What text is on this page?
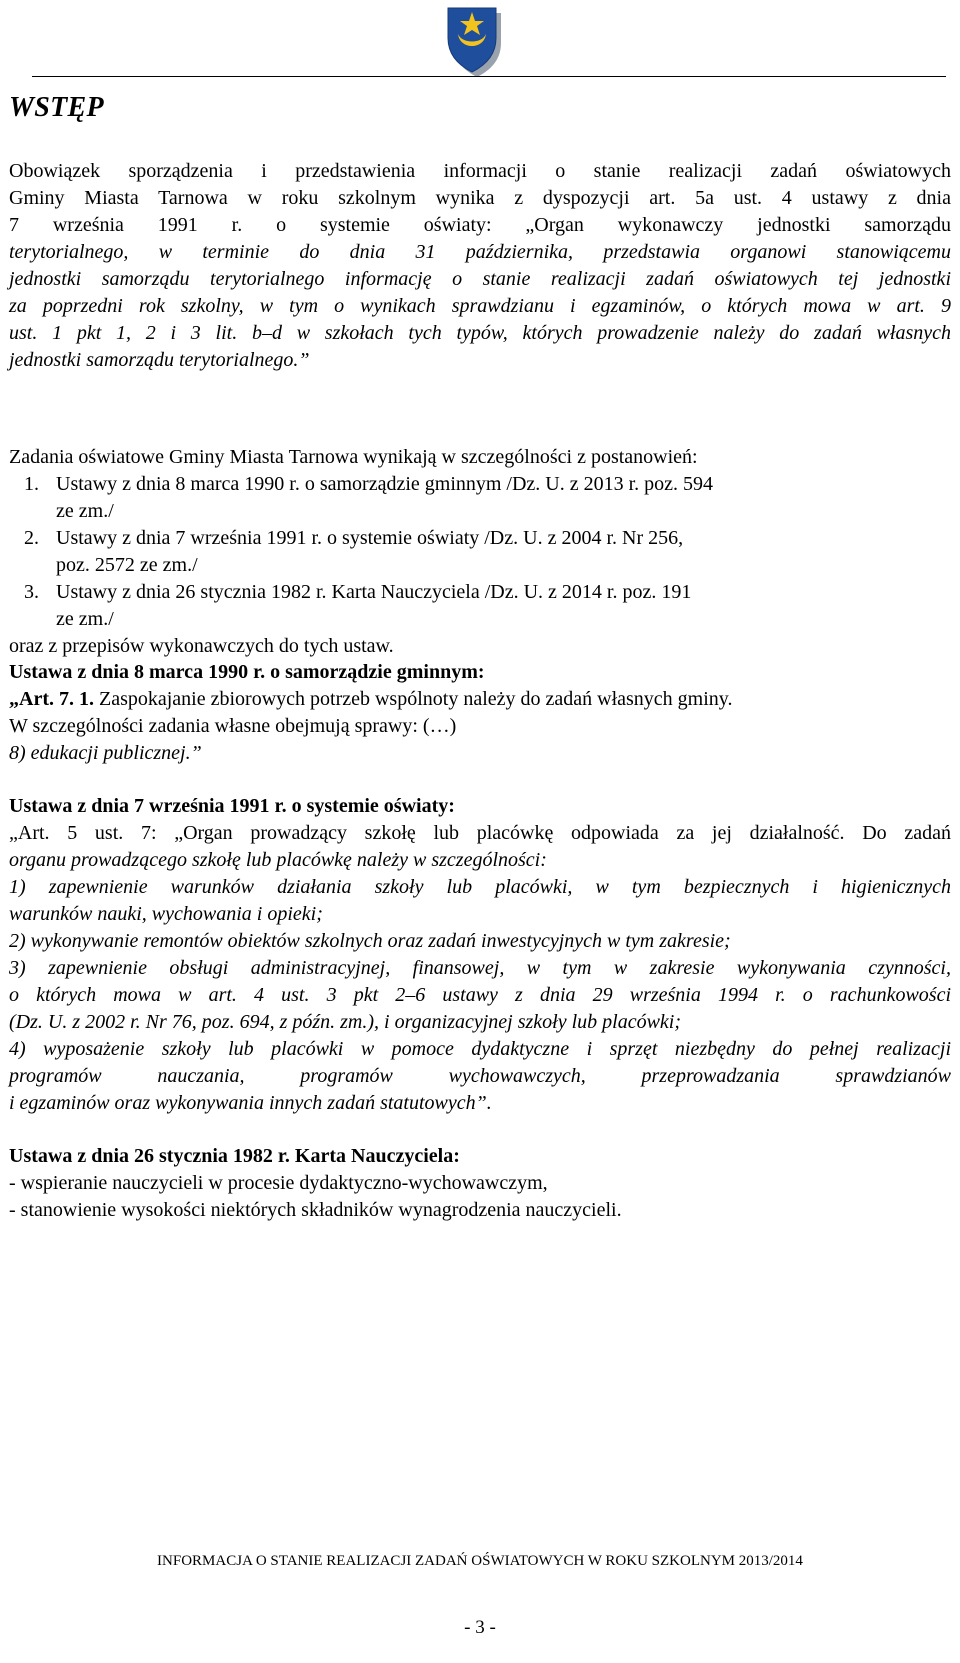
WSTĘP
Obowiązek sporządzenia i przedstawienia informacji o stanie realizacji zadań oświatowych
Gminy Miasta Tarnowa w roku szkolnym wynika z dyspozycji art. 5a ust. 4 ustawy z dnia
7 września 1991 r. o systemie oświaty: „Organ wykonawczy jednostki samorządu
terytorialnego, w terminie do dnia 31 października, przedstawia organowi stanowiącemu
jednostki samorządu terytorialnego informację o stanie realizacji zadań oświatowych tej jednostki
za poprzedni rok szkolny, w tym o wynikach sprawdzianu i egzaminów, o których mowa w art. 9
ust. 1 pkt 1, 2 i 3 lit. b–d w szkołach tych typów, których prowadzenie należy do zadań własnych
jednostki samorządu terytorialnego.”
Zadania oświatowe Gminy Miasta Tarnowa wynikają w szczególności z postanowień:
1. Ustawy z dnia 8 marca 1990 r. o samorządzie gminnym /Dz. U. z 2013 r. poz. 594
ze zm./
2. Ustawy z dnia 7 września 1991 r. o systemie oświaty /Dz. U. z 2004 r. Nr 256,
poz. 2572 ze zm./
3. Ustawy z dnia 26 stycznia 1982 r. Karta Nauczyciela /Dz. U. z 2014 r. poz. 191
ze zm./
oraz z przepisów wykonawczych do tych ustaw.
Ustawa z dnia 8 marca 1990 r. o samorządzie gminnym:
„Art. 7. 1. Zaspokajanie zbiorowych potrzeb wspólnoty należy do zadań własnych gminy.
W szczególności zadania własne obejmują sprawy: (…)
8) edukacji publicznej.”
Ustawa z dnia 7 września 1991 r. o systemie oświaty:
„Art. 5 ust. 7: „Organ prowadzący szkołę lub placówkę odpowiada za jej działalność. Do zadań
organu prowadzącego szkołę lub placówkę należy w szczególności:
1) zapewnienie warunków działania szkoły lub placówki, w tym bezpiecznych i higienicznych
warunków nauki, wychowania i opieki;
2) wykonywanie remontów obiektów szkolnych oraz zadań inwestycyjnych w tym zakresie;
3) zapewnienie obsługi administracyjnej, finansowej, w tym w zakresie wykonywania czynności,
o których mowa w art. 4 ust. 3 pkt 2–6 ustawy z dnia 29 września 1994 r. o rachunkowości
(Dz. U. z 2002 r. Nr 76, poz. 694, z późn. zm.), i organizacyjnej szkoły lub placówki;
4) wyposażenie szkoły lub placówki w pomoce dydaktyczne i sprzęt niezbędny do pełnej realizacji
programów nauczania, programów wychowawczych, przeprowadzania sprawdzianów
i egzaminów oraz wykonywania innych zadań statutowych”.
Ustawa z dnia 26 stycznia 1982 r. Karta Nauczyciela:
- wspieranie nauczycieli w procesie dydaktyczno-wychowawczym,
- stanowienie wysokości niektórych składników wynagrodzenia nauczycieli.
INFORMACJA O STANIE REALIZACJI ZADAŃ OŚWIATOWYCH W ROKU SZKOLNYM 2013/2014
- 3 -
